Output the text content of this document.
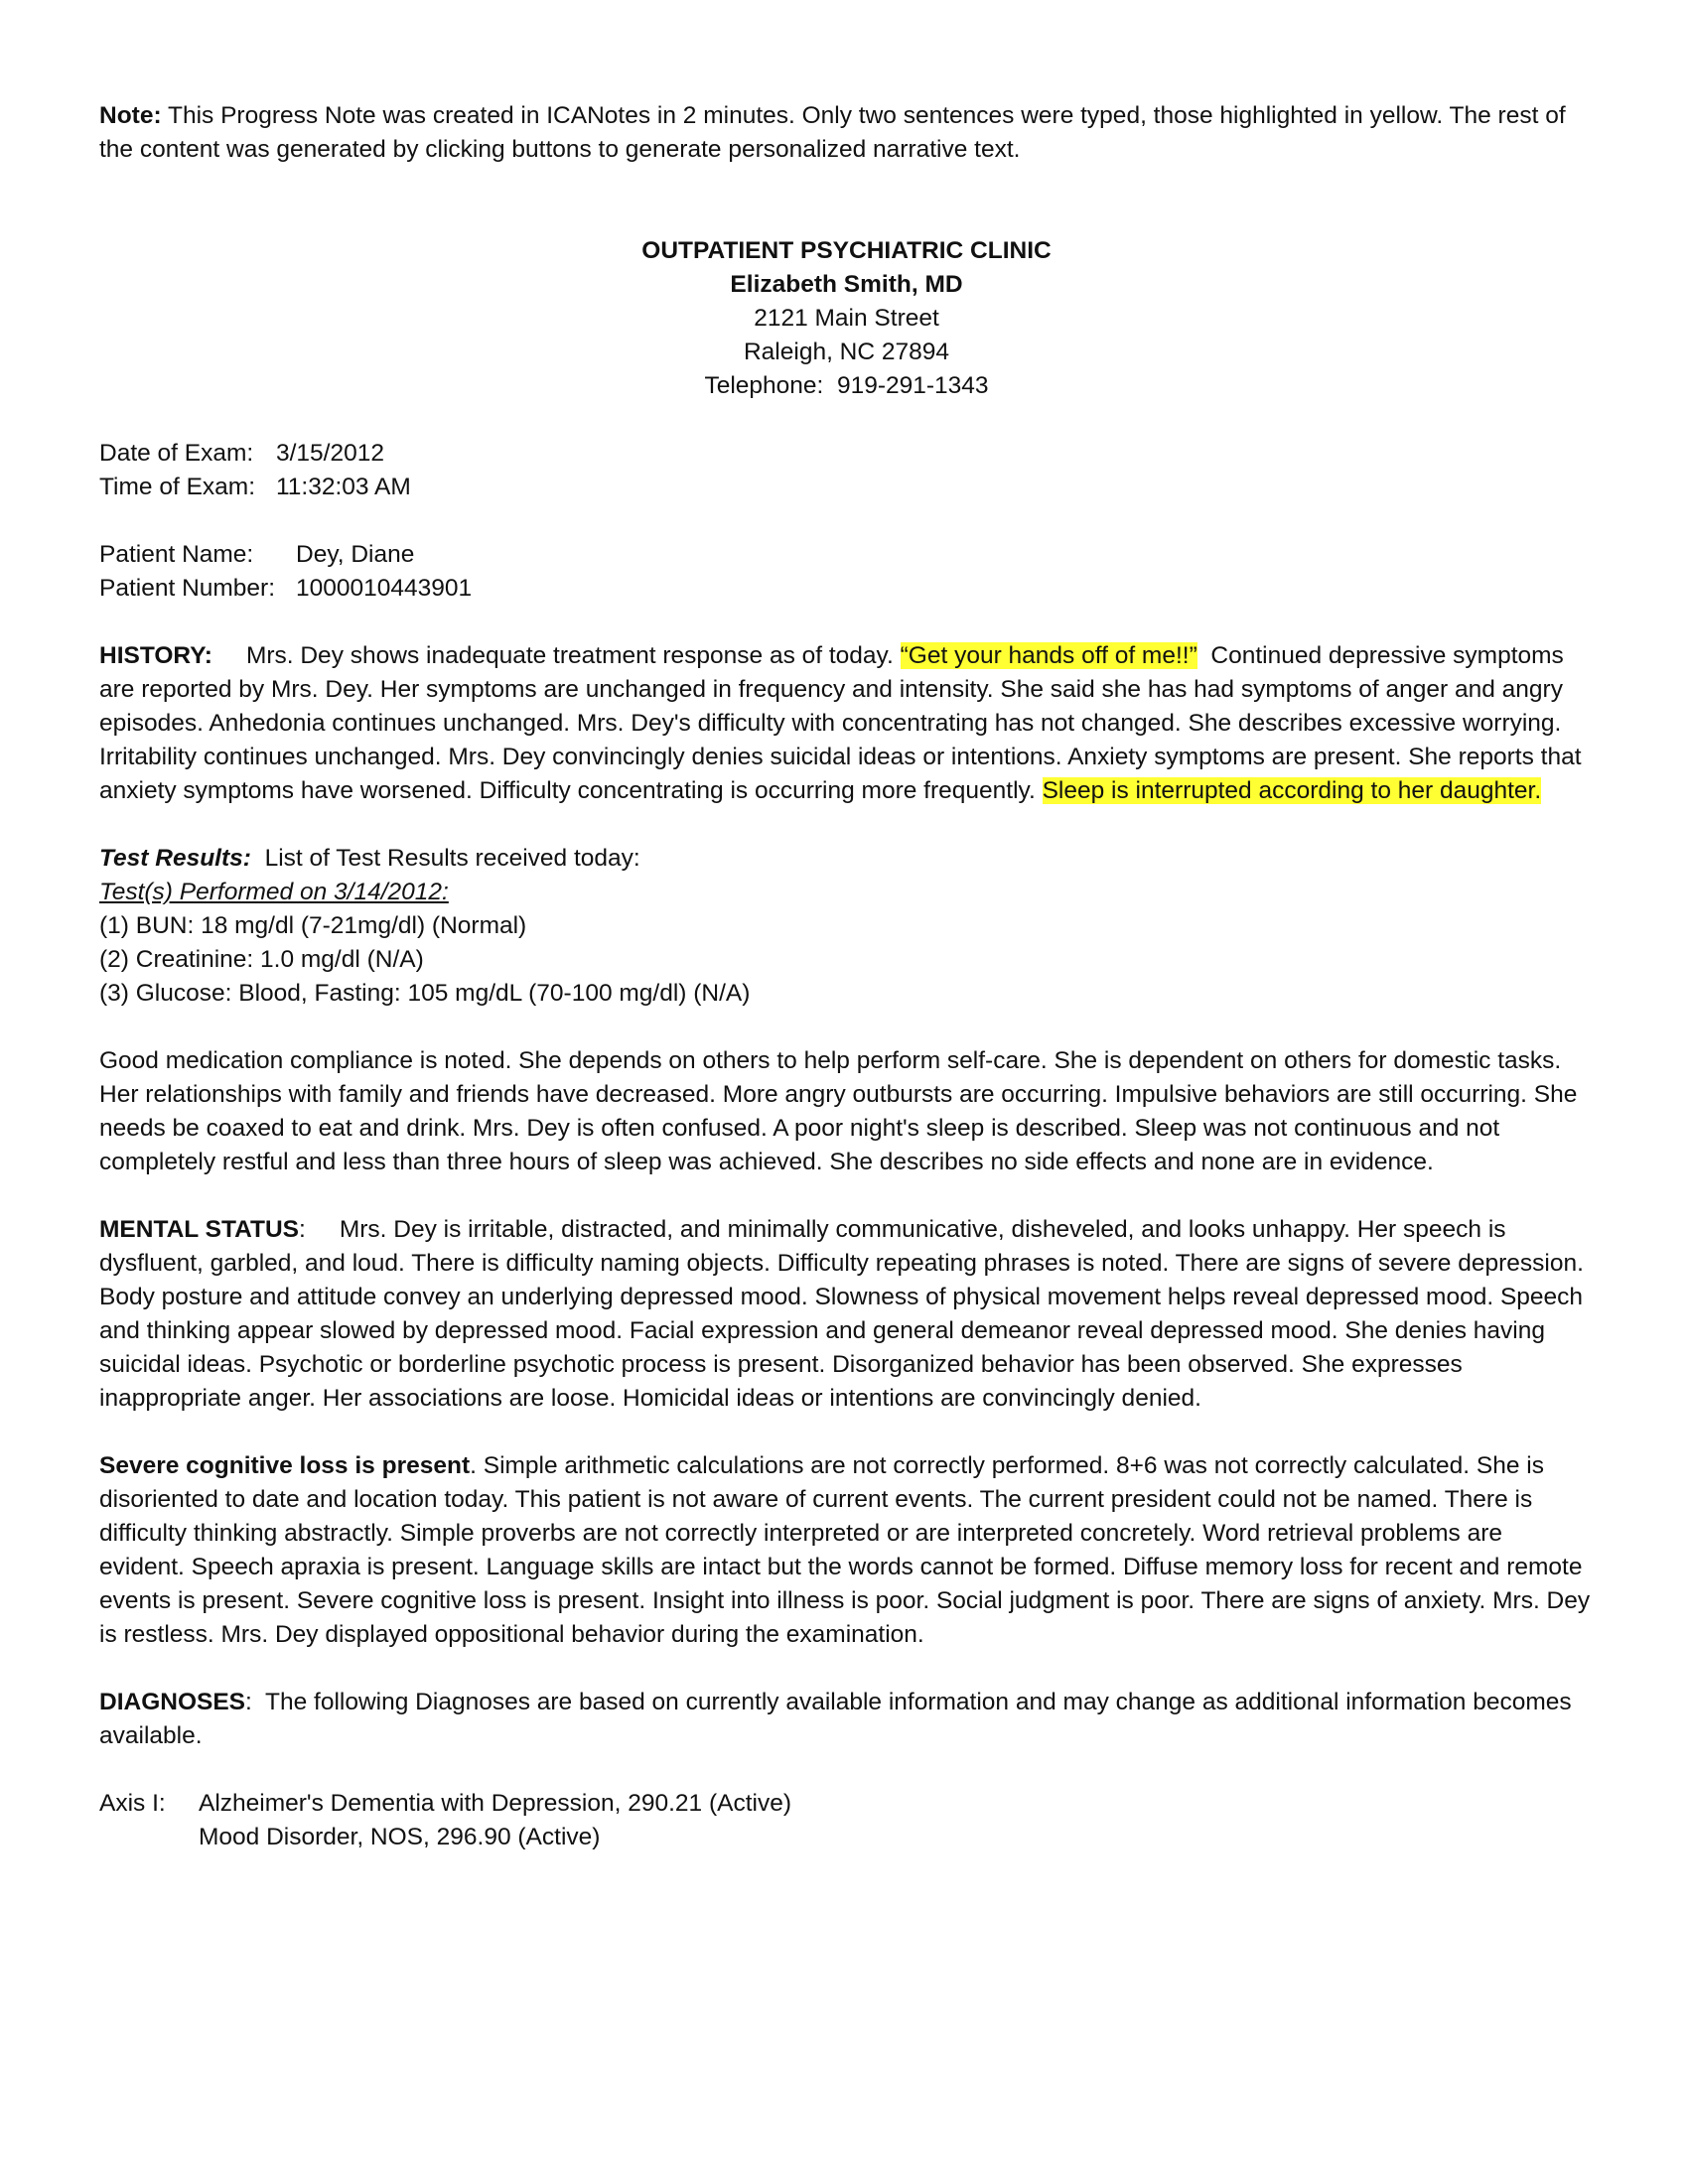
Note: This Progress Note was created in ICANotes in 2 minutes. Only two sentences were typed, those highlighted in yellow. The rest of the content was generated by clicking buttons to generate personalized narrative text.

OUTPATIENT PSYCHIATRIC CLINIC

Elizabeth Smith, MD

2121 Main Street

Raleigh, NC 27894

Telephone: 919-291-1343

Date of Exam: 3/15/2012

Time of Exam: 11:32:03 AM

Patient Name: Dey, Diane

Patient Number: 1000010443901

HISTORY: Mrs. Dey shows inadequate treatment response as of today. “Get your hands off of me!!” Continued depressive symptoms are reported by Mrs. Dey. Her symptoms are unchanged in frequency and intensity. She said she has had symptoms of anger and angry episodes. Anhedonia continues unchanged. Mrs. Dey's difficulty with concentrating has not changed. She describes excessive worrying. Irritability continues unchanged. Mrs. Dey convincingly denies suicidal ideas or intentions. Anxiety symptoms are present. She reports that anxiety symptoms have worsened. Difficulty concentrating is occurring more frequently. Sleep is interrupted according to her daughter.

Test Results: List of Test Results received today:

Test(s) Performed on 3/14/2012:

(1) BUN: 18 mg/dl (7-21mg/dl) (Normal)

(2) Creatinine: 1.0 mg/dl (N/A)

(3) Glucose: Blood, Fasting: 105 mg/dL (70-100 mg/dl) (N/A)

Good medication compliance is noted. She depends on others to help perform self-care. She is dependent on others for domestic tasks. Her relationships with family and friends have decreased. More angry outbursts are occurring. Impulsive behaviors are still occurring. She needs be coaxed to eat and drink. Mrs. Dey is often confused. A poor night's sleep is described. Sleep was not continuous and not completely restful and less than three hours of sleep was achieved. She describes no side effects and none are in evidence.

MENTAL STATUS:     Mrs. Dey is irritable, distracted, and minimally communicative, disheveled, and looks unhappy. Her speech is dysfluent, garbled, and loud. There is difficulty naming objects. Difficulty repeating phrases is noted. There are signs of severe depression. Body posture and attitude convey an underlying depressed mood. Slowness of physical movement helps reveal depressed mood. Speech and thinking appear slowed by depressed mood. Facial expression and general demeanor reveal depressed mood. She denies having suicidal ideas. Psychotic or borderline psychotic process is present. Disorganized behavior has been observed. She expresses inappropriate anger. Her associations are loose. Homicidal ideas or intentions are convincingly denied.

Severe cognitive loss is present. Simple arithmetic calculations are not correctly performed. 8+6 was not correctly calculated. She is disoriented to date and location today. This patient is not aware of current events. The current president could not be named. There is difficulty thinking abstractly. Simple proverbs are not correctly interpreted or are interpreted concretely. Word retrieval problems are evident. Speech apraxia is present. Language skills are intact but the words cannot be formed. Diffuse memory loss for recent and remote events is present. Severe cognitive loss is present. Insight into illness is poor. Social judgment is poor. There are signs of anxiety. Mrs. Dey is restless. Mrs. Dey displayed oppositional behavior during the examination.

DIAGNOSES:  The following Diagnoses are based on currently available information and may change as additional information becomes available.

Axis I:	Alzheimer's Dementia with Depression, 290.21 (Active)

Mood Disorder, NOS, 296.90 (Active)
